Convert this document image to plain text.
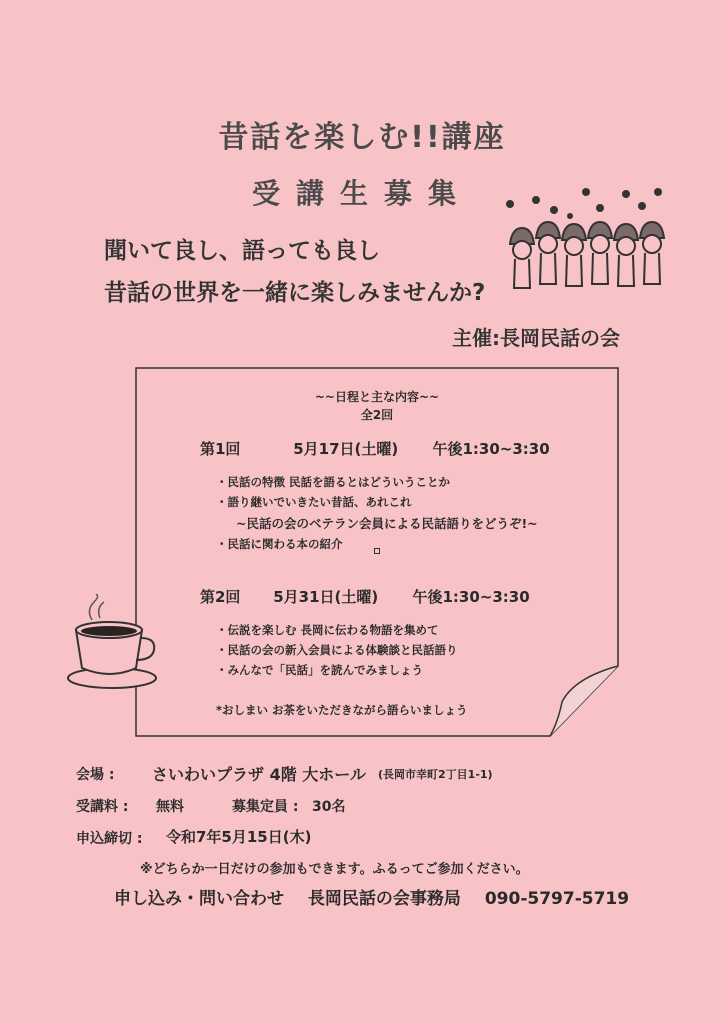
昔話を楽しむ!!講座
受講生募集
聞いて良し、語っても良し
昔話の世界を一緒に楽しみませんか?
主催:長岡民話の会
~~日程と主な内容~~
全2回
第1回	5月17日(土曜) 午後1:30~3:30
・民話の特徴 民話を語るとはどういうことか
・語り継いでいきたい昔話、あれこれ
~民話の会のベテラン会員による民話語りをどうぞ!~
・民話に関わる本の紹介
第2回 5月31日(土曜) 午後1:30~3:30
・伝説を楽しむ 長岡に伝わる物語を集めて
・民話の会の新入会員による体験談と民話語り
・みんなで「民話」を読んでみましょう
*おしまい お茶をいただきながら語らいましょう
会場 : さいわいプラザ 4階 大ホール (長岡市幸町2丁目1-1)
受講料 : 無料	募集定員 : 30名
申込締切 : 令和7年5月15日(木)
※どちらか一日だけの参加もできます。ふるってご参加ください。
申し込み・問い合わせ 長岡民話の会事務局 090-5797-5719
